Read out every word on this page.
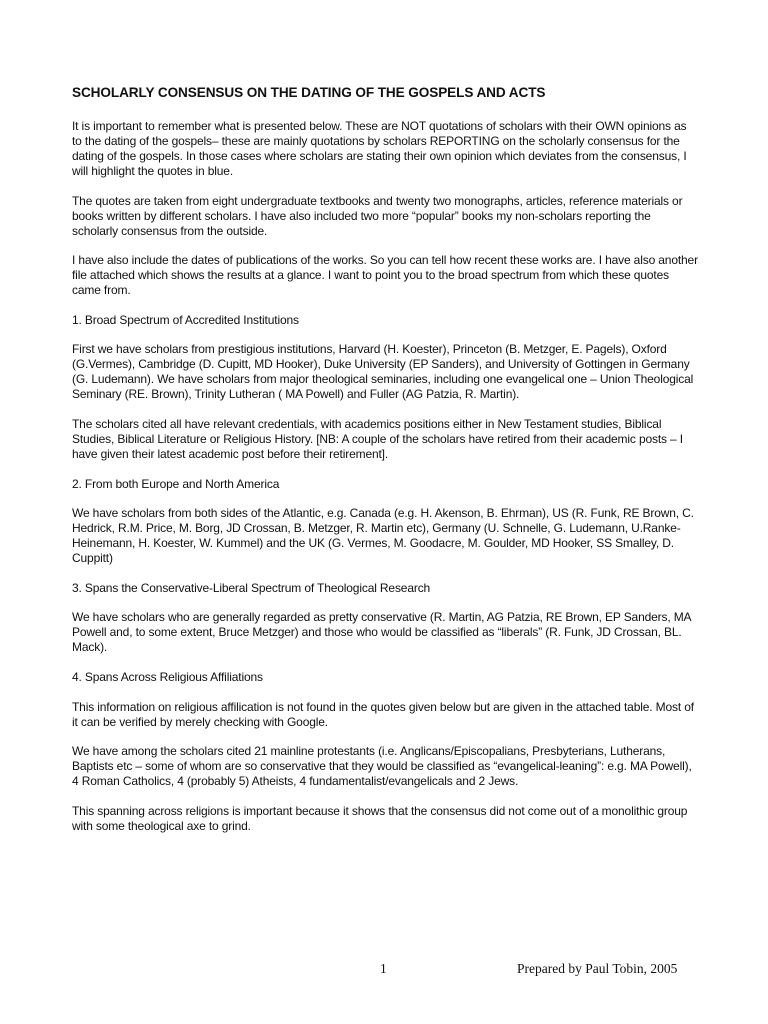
SCHOLARLY CONSENSUS ON THE DATING OF THE GOSPELS AND ACTS

It is important to remember what is presented below. These are NOT quotations of scholars with their OWN opinions as to the dating of the gospels– these are mainly quotations by scholars REPORTING on the scholarly consensus for the dating of the gospels. In those cases where scholars are stating their own opinion which deviates from the consensus, I will highlight the quotes in blue.

The quotes are taken from eight undergraduate textbooks and twenty two monographs, articles, reference materials or books written by different scholars. I have also included two more “popular” books my non-scholars reporting the scholarly consensus from the outside.

I have also include the dates of publications of the works. So you can tell how recent these works are. I have also another file attached which shows the results at a glance. I want to point you to the broad spectrum from which these quotes came from.

1. Broad Spectrum of Accredited Institutions

First we have scholars from prestigious institutions, Harvard (H. Koester), Princeton (B. Metzger, E. Pagels), Oxford (G.Vermes), Cambridge (D. Cupitt, MD Hooker), Duke University (EP Sanders), and University of Gottingen in Germany (G. Ludemann). We have scholars from major theological seminaries, including one evangelical one – Union Theological Seminary (RE. Brown), Trinity Lutheran ( MA Powell) and Fuller (AG Patzia, R. Martin).

The scholars cited all have relevant credentials, with academics positions either in New Testament studies, Biblical Studies, Biblical Literature or Religious History. [NB: A couple of the scholars have retired from their academic posts – I have given their latest academic post before their retirement].

2. From both Europe and North America

We have scholars from both sides of the Atlantic, e.g. Canada (e.g. H. Akenson, B. Ehrman), US (R. Funk, RE Brown, C. Hedrick, R.M. Price, M. Borg, JD Crossan, B. Metzger, R. Martin etc), Germany (U. Schnelle, G. Ludemann, U.Ranke-Heinemann, H. Koester, W. Kummel) and the UK (G. Vermes, M. Goodacre, M. Goulder, MD Hooker, SS Smalley, D. Cuppitt)

3. Spans the Conservative-Liberal Spectrum of Theological Research

We have scholars who are generally regarded as pretty conservative (R. Martin, AG Patzia, RE Brown, EP Sanders, MA Powell and, to some extent, Bruce Metzger) and those who would be classified as “liberals” (R. Funk, JD Crossan, BL. Mack).

4. Spans Across Religious Affiliations

This information on religious affilication is not found in the quotes given below but are given in the attached table. Most of it can be verified by merely checking with Google.

We have among the scholars cited 21 mainline protestants (i.e. Anglicans/Episcopalians, Presbyterians, Lutherans, Baptists etc – some of whom are so conservative that they would be classified as “evangelical-leaning”: e.g. MA Powell), 4 Roman Catholics, 4 (probably 5) Atheists, 4 fundamentalist/evangelicals and 2 Jews.

This spanning across religions is important because it shows that the consensus did not come out of a monolithic group with some theological axe to grind.

1	Prepared by Paul Tobin, 2005
